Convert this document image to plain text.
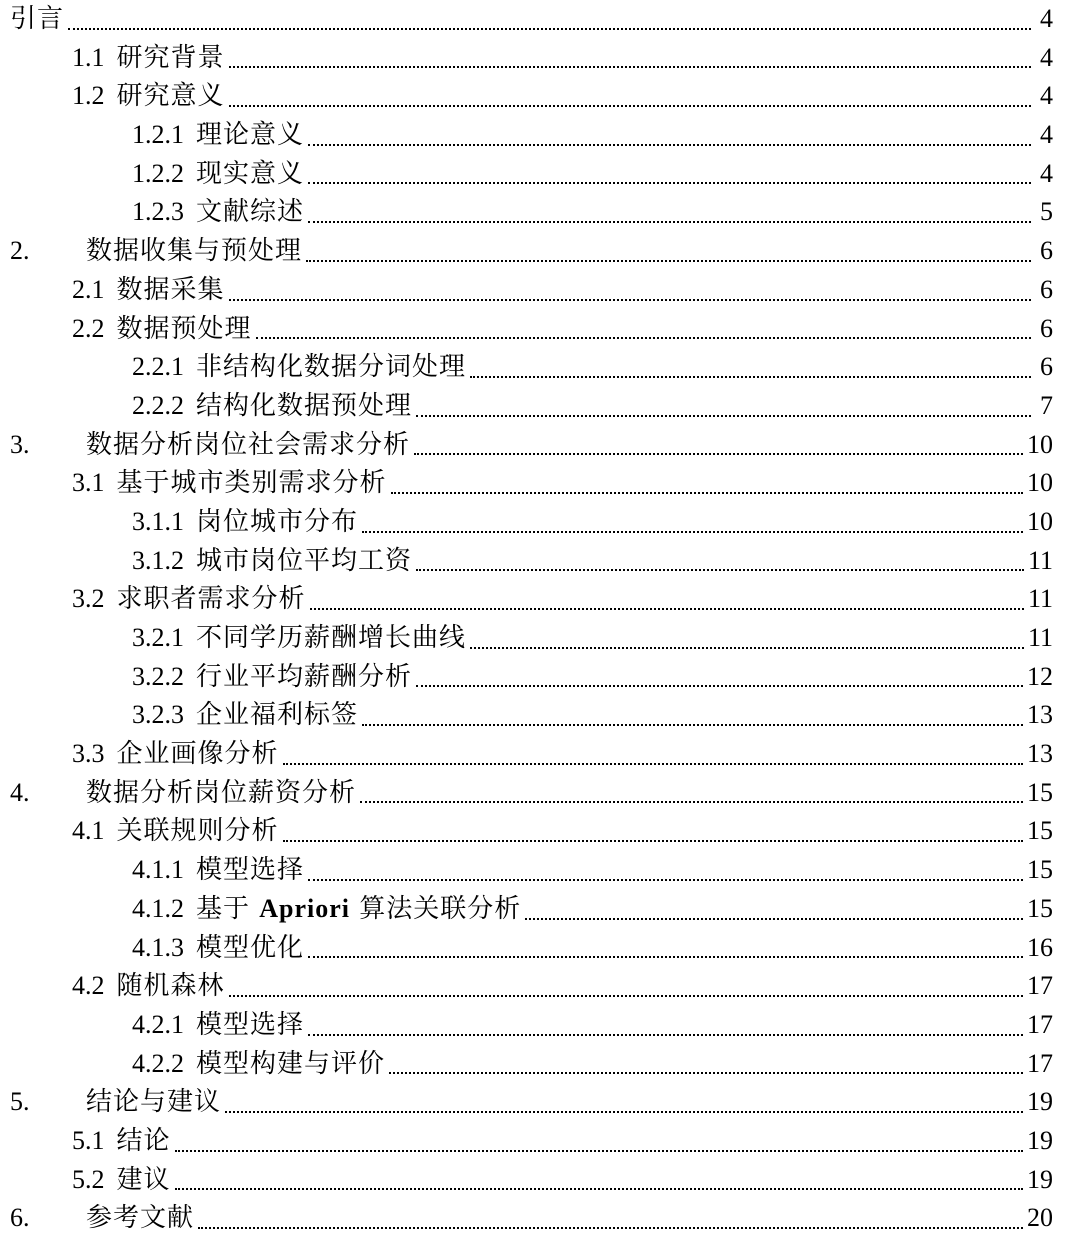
引言	4
1.1 研究背景	4
1.2 研究意义	4
1.2.1 理论意义	4
1.2.2 现实意义	4
1.2.3 文献综述	5
2.	数据收集与预处理	6
2.1 数据采集	6
2.2 数据预处理	6
2.2.1 非结构化数据分词处理	6
2.2.2 结构化数据预处理	7
3.	数据分析岗位社会需求分析	10
3.1 基于城市类别需求分析	10
3.1.1 岗位城市分布	10
3.1.2 城市岗位平均工资	11
3.2 求职者需求分析	11
3.2.1 不同学历薪酬增长曲线	11
3.2.2 行业平均薪酬分析	12
3.2.3 企业福利标签	13
3.3 企业画像分析	13
4.	数据分析岗位薪资分析	15
4.1 关联规则分析	15
4.1.1 模型选择	15
4.1.2 基于 Apriori 算法关联分析	15
4.1.3 模型优化	16
4.2 随机森林	17
4.2.1 模型选择	17
4.2.2 模型构建与评价	17
5.	结论与建议	19
5.1 结论	19
5.2 建议	19
6.	参考文献	20
